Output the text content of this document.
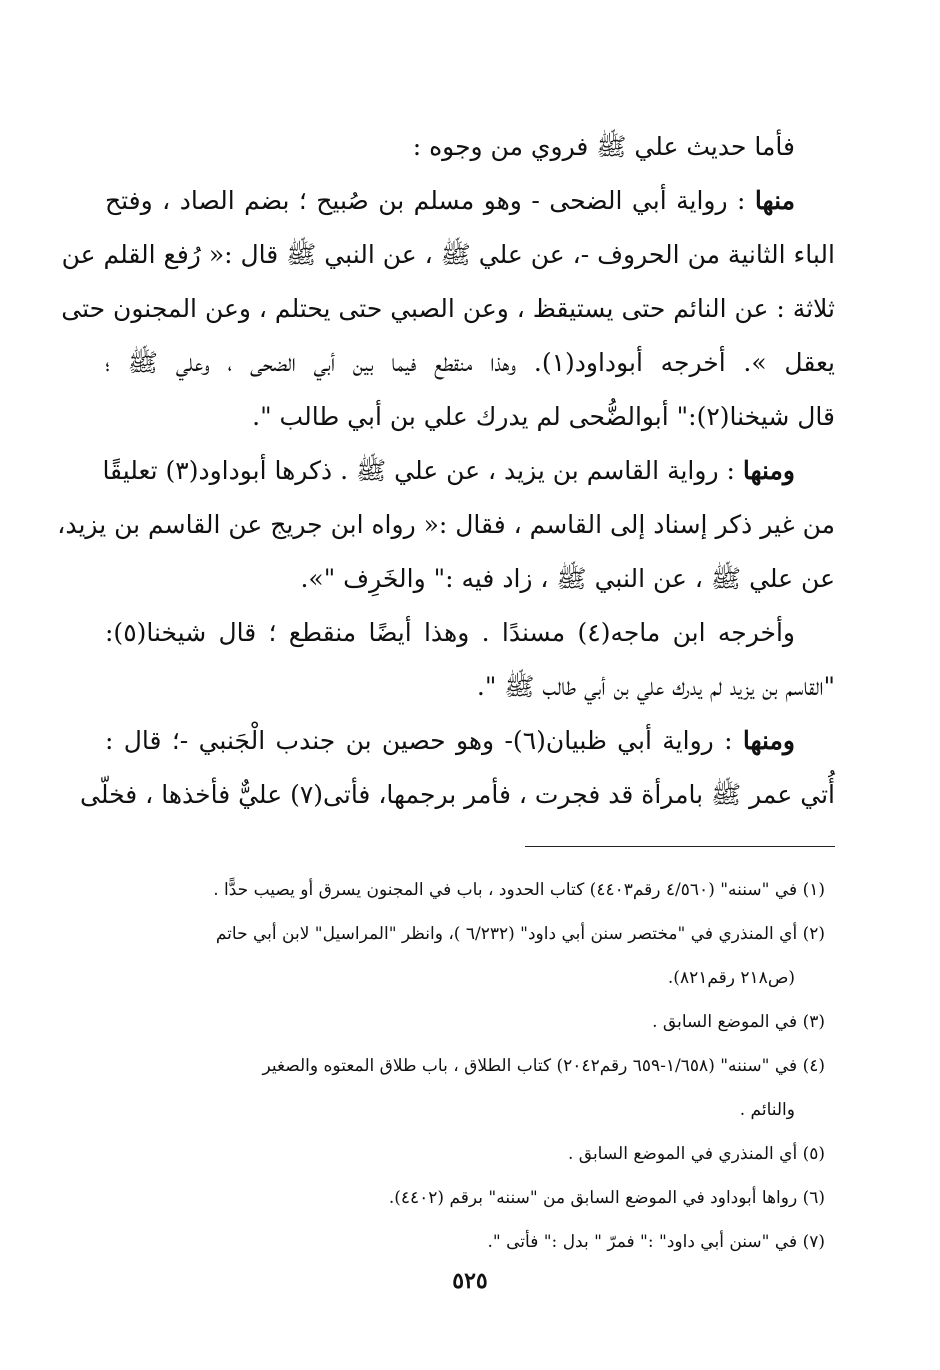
فأما حديث علي ﷺ فروي من وجوه :
منها : رواية أبي الضحى - وهو مسلم بن صُبيح ؛ بضم الصاد ، وفتح
الباء الثانية من الحروف -، عن علي ﷺ ، عن النبي ﷺ قال :« رُفع القلم عن
ثلاثة : عن النائم حتى يستيقظ ، وعن الصبي حتى يحتلم ، وعن المجنون حتى
يعقل ». أخرجه أبوداود(١). وهذا منقطع فيما بين أبي الضحى ، وعلي ﷺ ؛
قال شيخنا(٢):" أبوالضُّحى لم يدرك علي بن أبي طالب ".
ومنها : رواية القاسم بن يزيد ، عن علي ﷺ . ذكرها أبوداود(٣) تعليقًا
من غير ذكر إسناد إلى القاسم ، فقال :« رواه ابن جريج عن القاسم بن يزيد،
عن علي ﷺ ، عن النبي ﷺ ، زاد فيه :" والخَرِف "».
وأخرجه ابن ماجه(٤) مسندًا . وهذا أيضًا منقطع ؛ قال شيخنا(٥):
"القاسم بن يزيد لم يدرك علي بن أبي طالب ﷺ ".
ومنها : رواية أبي ظبيان(٦)- وهو حصين بن جندب الْجَنبي -؛ قال :
أُتي عمر ﷺ بامرأة قد فجرت ، فأمر برجمها، فأتى(٧) عليٌّ فأخذها ، فخلّى
(١) في "سننه" (٤/٥٦٠ رقم٤٤٠٣) كتاب الحدود ، باب في المجنون يسرق أو يصيب حدًّا .
(٢) أي المنذري في "مختصر سنن أبي داود" (٦/٢٣٢ )، وانظر "المراسيل" لابن أبي حاتم
(ص٢١٨ رقم٨٢١).
(٣) في الموضع السابق .
(٤) في "سننه" (١/٦٥٨-٦٥٩ رقم٢٠٤٢) كتاب الطلاق ، باب طلاق المعتوه والصغير
والنائم .
(٥) أي المنذري في الموضع السابق .
(٦) رواها أبوداود في الموضع السابق من "سننه" برقم (٤٤٠٢).
(٧) في "سنن أبي داود" :" فمرّ " بدل :" فأتى ".
٥٢٥
